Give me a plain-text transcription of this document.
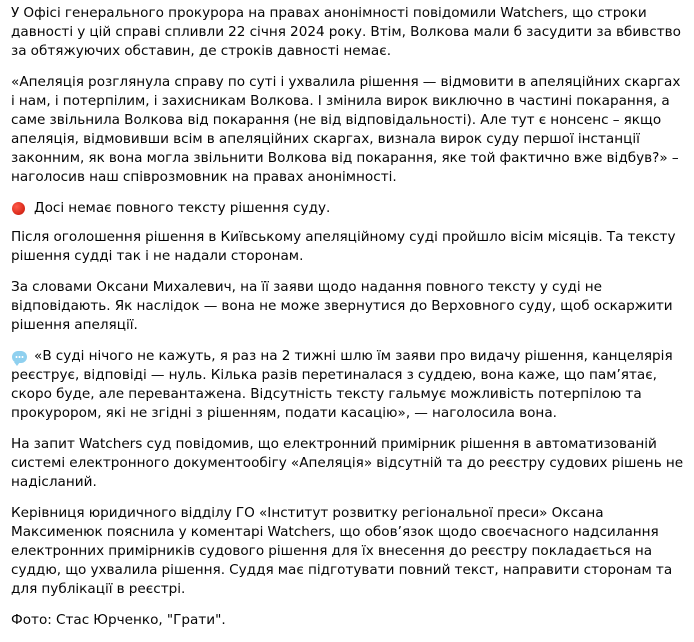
У Офісі генерального прокурора на правах анонімності повідомили Watchers, що строки давності у цій справі спливли 22 січня 2024 року. Втім, Волкова мали б засудити за вбивство за обтяжуючих обставин, де строків давності немає.

«Апеляція розглянула справу по суті і ухвалила рішення — відмовити в апеляційних скаргах і нам, і потерпілим, і захисникам Волкова. І змінила вирок виключно в частині покарання, а саме звільнила Волкова від покарання (не від відповідальності). Але тут є нонсенс – якщо апеляція, відмовивши всім в апеляційних скаргах, визнала вирок суду першої інстанції законним, як вона могла звільнити Волкова від покарання, яке той фактично вже відбув?» – наголосив наш співрозмовник на правах анонімності.

Досі немає повного тексту рішення суду.

Після оголошення рішення в Київському апеляційному суді пройшло вісім місяців. Та тексту рішення суддi так і не надали сторонам.

За словами Оксани Михалевич, на її заяви щодо надання повного тексту у суді не відповідають. Як наслідок — вона не може звернутися до Верховного суду, щоб оскаржити рішення апеляції.

«В суді нічого не кажуть, я раз на 2 тижні шлю їм заяви про видачу рішення, канцелярія реєструє, відповіді — нуль. Кілька разів перетиналася з суддею, вона каже, що пам’ятає, скоро буде, але перевантажена. Відсутність тексту гальмує можливість потерпілою та прокурором, які не згідні з рішенням, подати касацію», — наголосила вона.

На запит Watchers суд повідомив, що електронний примірник рішення в автоматизованій системі електронного документообігу «Апеляція» відсутній та до реєстру судових рішень не надісланий.

Керівниця юридичного відділу ГО «Інститут розвитку регіональної преси» Оксана Максименюк пояснила у коментарі Watchers, що обов’язок щодо своєчасного надсилання електронних примірників судового рішення для їх внесення до реєстру покладається на суддю, що ухвалила рішення. Суддя має підготувати повний текст, направити сторонам та для публікації в реєстрі.

Фото: Стас Юрченко, "Грати".
